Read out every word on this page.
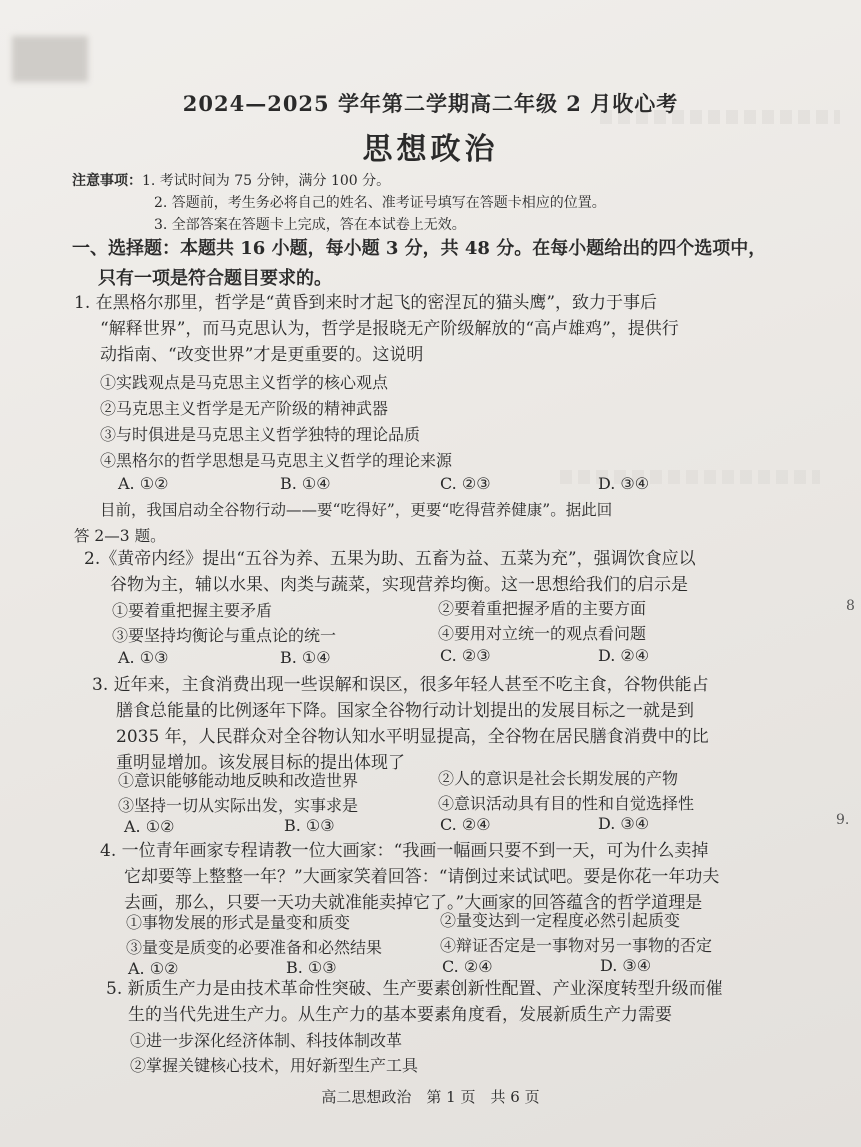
2024—2025 学年第二学期高二年级 2 月收心考
思想政治
注意事项：1. 考试时间为 75 分钟，满分 100 分。
2. 答题前，考生务必将自己的姓名、准考证号填写在答题卡相应的位置。
3. 全部答案在答题卡上完成，答在本试卷上无效。
一、选择题：本题共 16 小题，每小题 3 分，共 48 分。在每小题给出的四个选项中，
只有一项是符合题目要求的。
1. 在黑格尔那里，哲学是“黄昏到来时才起飞的密涅瓦的猫头鹰”，致力于事后
“解释世界”，而马克思认为，哲学是报晓无产阶级解放的“高卢雄鸡”，提供行
动指南、“改变世界”才是更重要的。这说明
①实践观点是马克思主义哲学的核心观点
②马克思主义哲学是无产阶级的精神武器
③与时俱进是马克思主义哲学独特的理论品质
④黑格尔的哲学思想是马克思主义哲学的理论来源
A. ①②	B. ①④	C. ②③	D. ③④
目前，我国启动全谷物行动——要“吃得好”，更要“吃得营养健康”。据此回
答 2—3 题。
2.《黄帝内经》提出“五谷为养、五果为助、五畜为益、五菜为充”，强调饮食应以
谷物为主，辅以水果、肉类与蔬菜，实现营养均衡。这一思想给我们的启示是
①要着重把握主要矛盾	②要着重把握矛盾的主要方面
③要坚持均衡论与重点论的统一	④要用对立统一的观点看问题
A. ①③	B. ①④	C. ②③	D. ②④
3. 近年来，主食消费出现一些误解和误区，很多年轻人甚至不吃主食，谷物供能占
膳食总能量的比例逐年下降。国家全谷物行动计划提出的发展目标之一就是到
2035 年，人民群众对全谷物认知水平明显提高，全谷物在居民膳食消费中的比
重明显增加。该发展目标的提出体现了
①意识能够能动地反映和改造世界	②人的意识是社会长期发展的产物
③坚持一切从实际出发，实事求是	④意识活动具有目的性和自觉选择性
A. ①②	B. ①③	C. ②④	D. ③④
4. 一位青年画家专程请教一位大画家：“我画一幅画只要不到一天，可为什么卖掉
它却要等上整整一年？”大画家笑着回答：“请倒过来试试吧。要是你花一年功夫
去画，那么，只要一天功夫就准能卖掉它了。”大画家的回答蕴含的哲学道理是
①事物发展的形式是量变和质变	②量变达到一定程度必然引起质变
③量变是质变的必要准备和必然结果	④辩证否定是一事物对另一事物的否定
A. ①②	B. ①③	C. ②④	D. ③④
5. 新质生产力是由技术革命性突破、生产要素创新性配置、产业深度转型升级而催
生的当代先进生产力。从生产力的基本要素角度看，发展新质生产力需要
①进一步深化经济体制、科技体制改革
②掌握关键核心技术，用好新型生产工具
8
9.
高二思想政治　第 1 页　共 6 页
